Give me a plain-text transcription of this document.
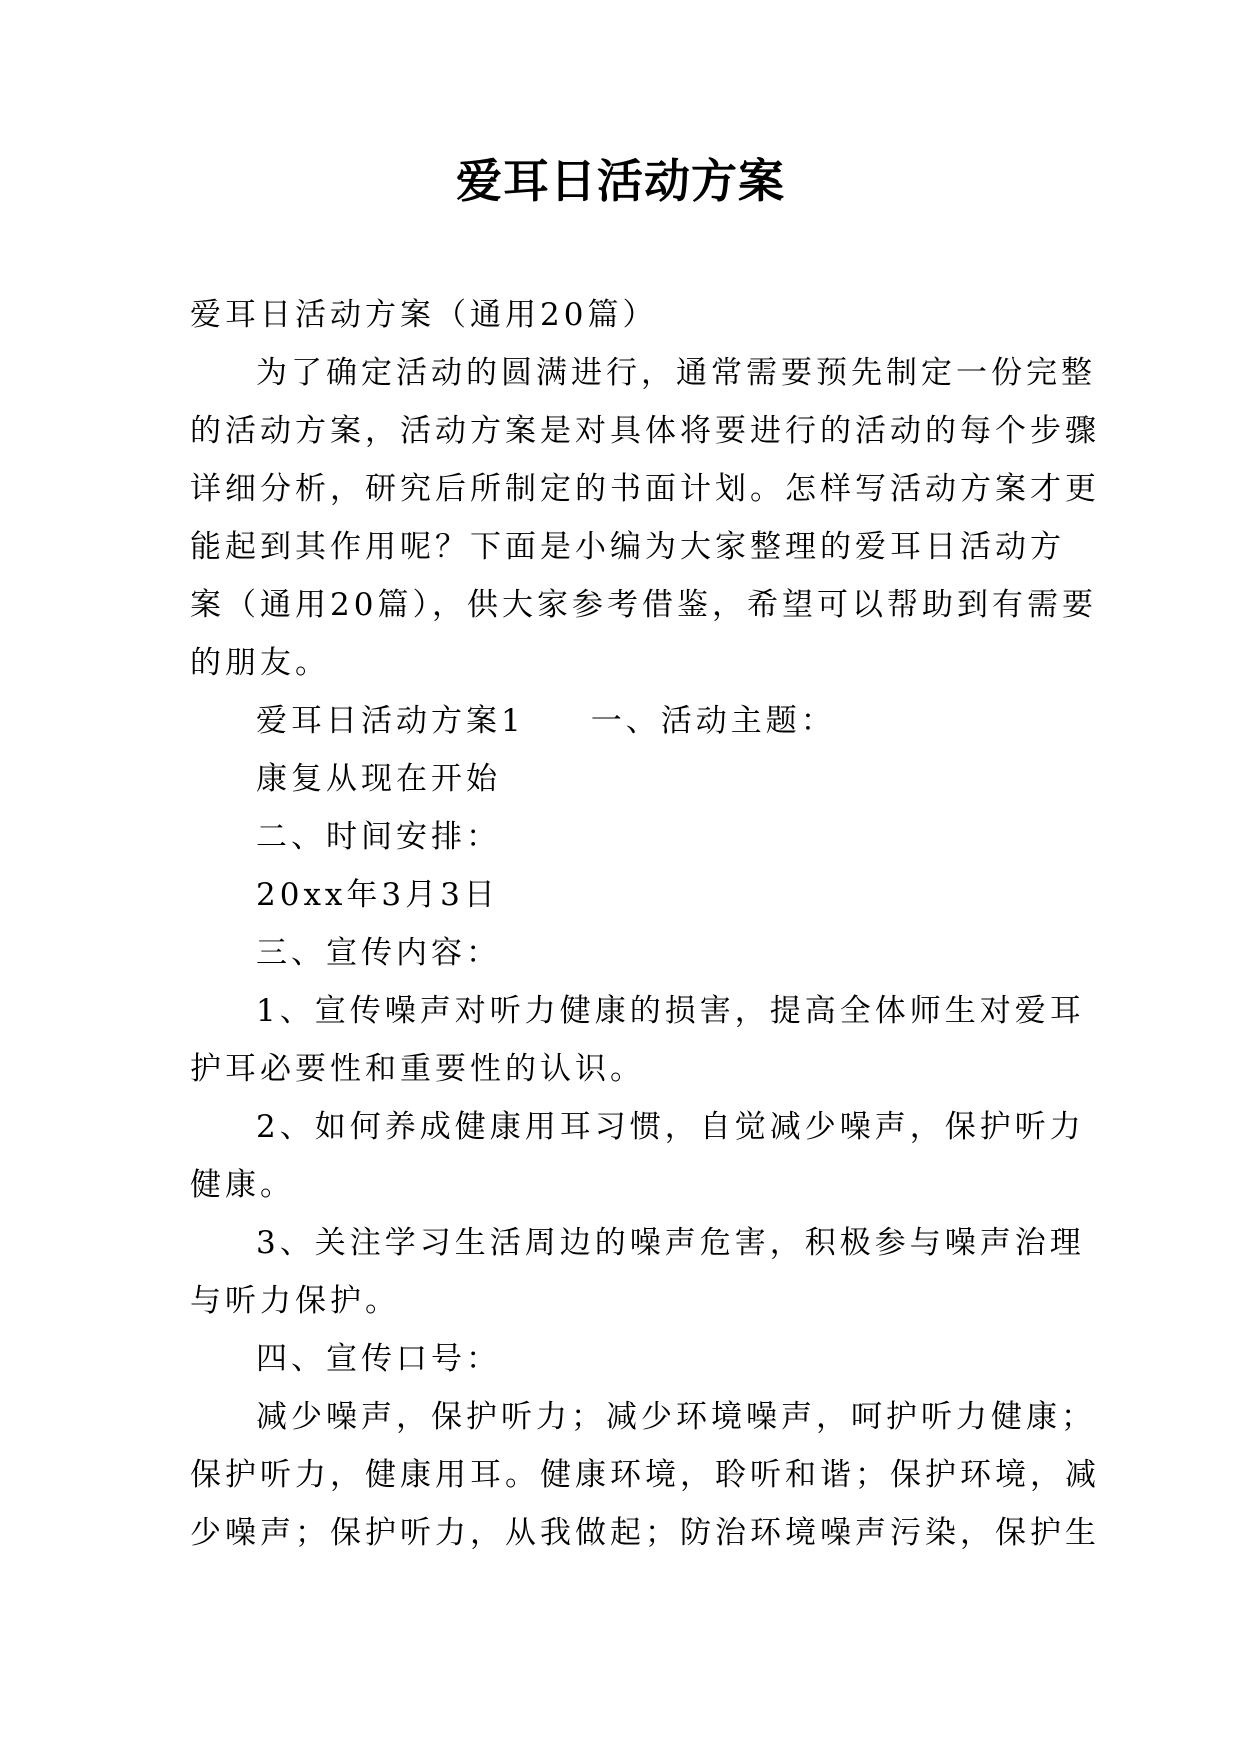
爱耳日活动方案

爱耳日活动方案（通用20篇）

为了确定活动的圆满进行，通常需要预先制定一份完整
的活动方案，活动方案是对具体将要进行的活动的每个步骤
详细分析，研究后所制定的书面计划。怎样写活动方案才更
能起到其作用呢？下面是小编为大家整理的爱耳日活动方
案（通用20篇），供大家参考借鉴，希望可以帮助到有需要
的朋友。

爱耳日活动方案1 一、活动主题：

康复从现在开始

二、时间安排：

20xx年3月3日

三、宣传内容：

1、宣传噪声对听力健康的损害，提高全体师生对爱耳
护耳必要性和重要性的认识。

2、如何养成健康用耳习惯，自觉减少噪声，保护听力
健康。

3、关注学习生活周边的噪声危害，积极参与噪声治理
与听力保护。

四、宣传口号：

减少噪声，保护听力；减少环境噪声，呵护听力健康；
保护听力，健康用耳。健康环境，聆听和谐；保护环境，减
少噪声；保护听力，从我做起；防治环境噪声污染，保护生
